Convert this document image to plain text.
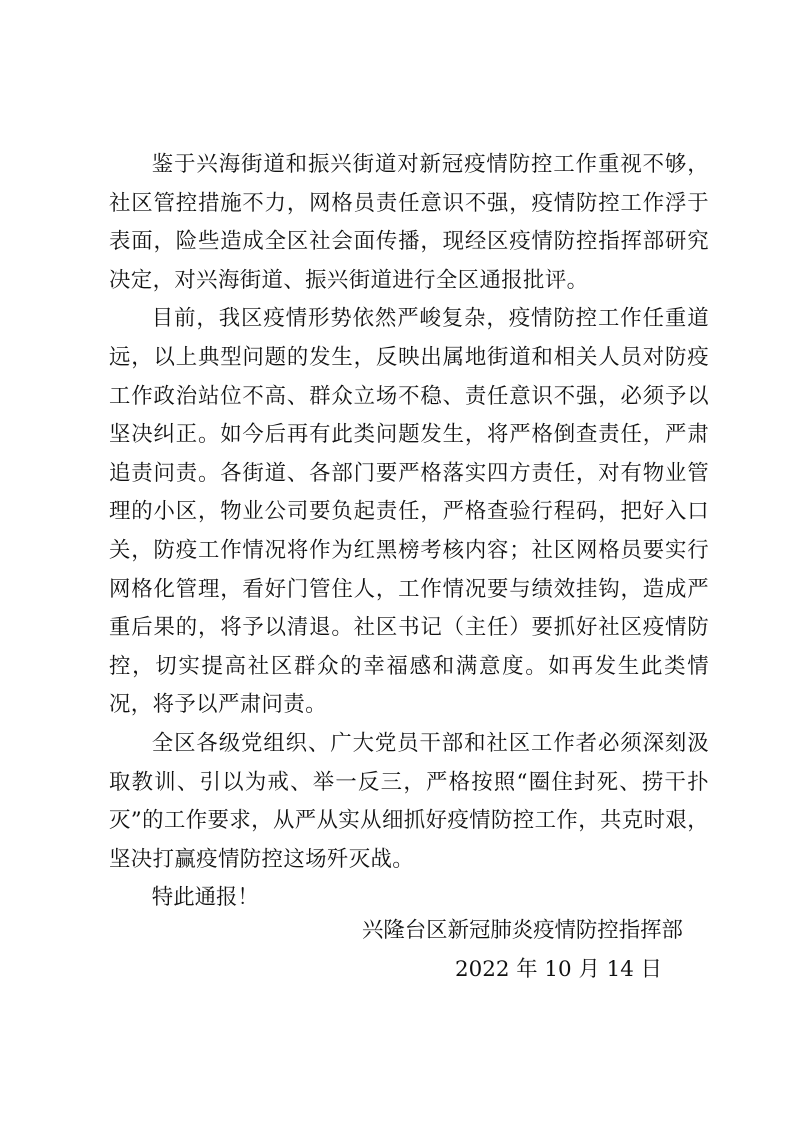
鉴于兴海街道和振兴街道对新冠疫情防控工作重视不够，社区管控措施不力，网格员责任意识不强，疫情防控工作浮于表面，险些造成全区社会面传播，现经区疫情防控指挥部研究决定，对兴海街道、振兴街道进行全区通报批评。

目前，我区疫情形势依然严峻复杂，疫情防控工作任重道远，以上典型问题的发生，反映出属地街道和相关人员对防疫工作政治站位不高、群众立场不稳、责任意识不强，必须予以坚决纠正。如今后再有此类问题发生，将严格倒查责任，严肃追责问责。各街道、各部门要严格落实四方责任，对有物业管理的小区，物业公司要负起责任，严格查验行程码，把好入口关，防疫工作情况将作为红黑榜考核内容；社区网格员要实行网格化管理，看好门管住人，工作情况要与绩效挂钩，造成严重后果的，将予以清退。社区书记（主任）要抓好社区疫情防控，切实提高社区群众的幸福感和满意度。如再发生此类情况，将予以严肃问责。

全区各级党组织、广大党员干部和社区工作者必须深刻汲取教训、引以为戒、举一反三，严格按照“圈住封死、捞干扑灭”的工作要求，从严从实从细抓好疫情防控工作，共克时艰，坚决打赢疫情防控这场歼灭战。

特此通报！

兴隆台区新冠肺炎疫情防控指挥部
2022 年 10 月 14 日
